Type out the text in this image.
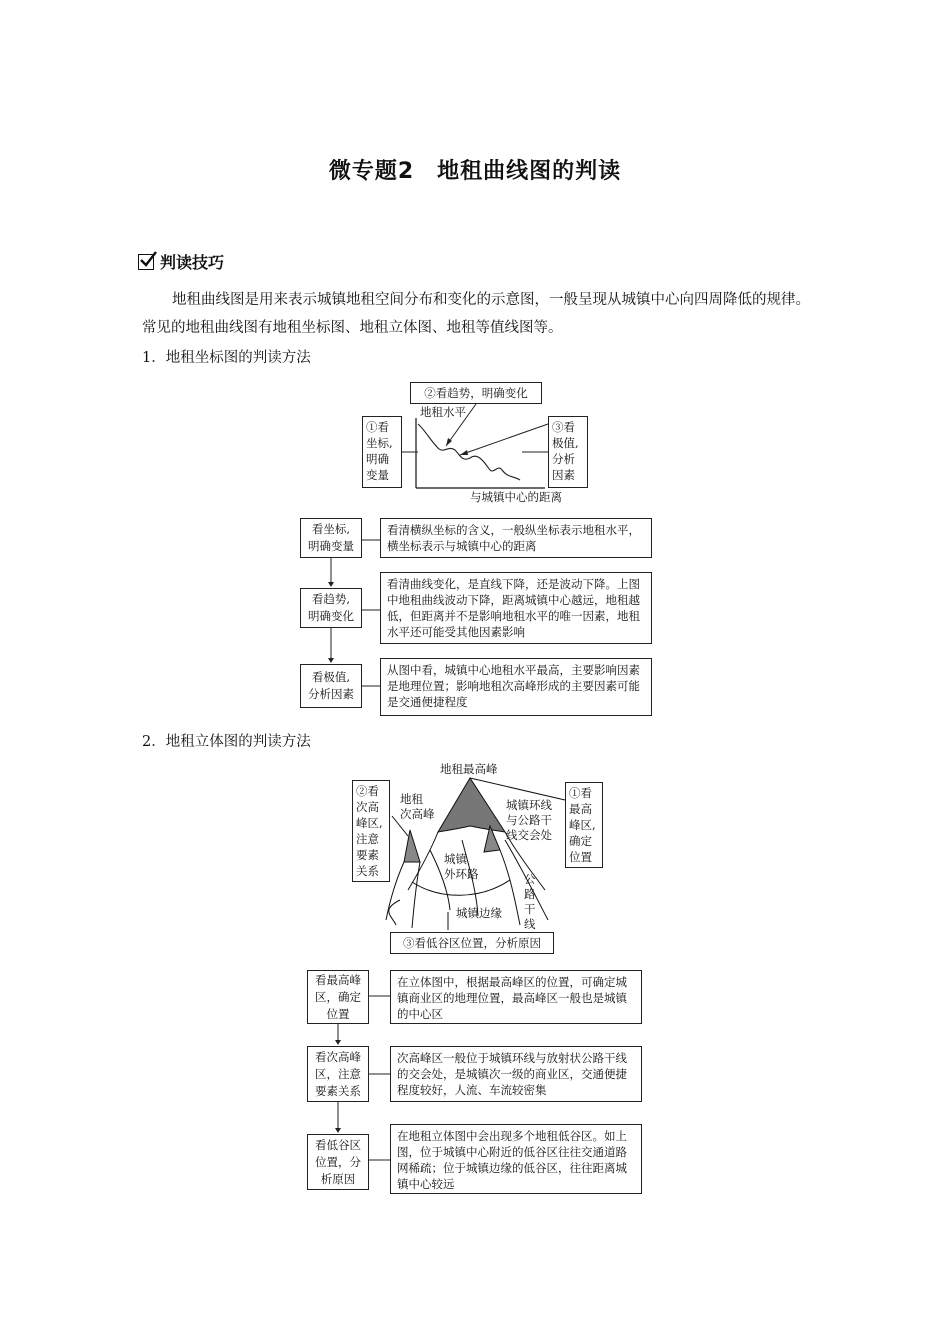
微专题2　地租曲线图的判读
判读技巧
地租曲线图是用来表示城镇地租空间分布和变化的示意图，一般呈现从城镇中心向四周降低的规律。常见的地租曲线图有地租坐标图、地租立体图、地租等值线图等。
1．地租坐标图的判读方法
②看趋势，明确变化
①看
坐标,
明确
变量
③看
极值,
分析
因素
地租水平
与城镇中心的距离
看坐标,
明确变量
看清横纵坐标的含义，一般纵坐标表示地租水平，横坐标表示与城镇中心的距离
看趋势,
明确变化
看清曲线变化，是直线下降，还是波动下降。上图中地租曲线波动下降，距离城镇中心越远，地租越低，但距离并不是影响地租水平的唯一因素，地租水平还可能受其他因素影响
看极值,
分析因素
从图中看，城镇中心地租水平最高，主要影响因素是地理位置；影响地租次高峰形成的主要因素可能是交通便捷程度
2．地租立体图的判读方法
地租最高峰
地租
次高峰
城镇环线
与公路干
线交会处
城镇
外环路	公
路
干
线
城镇边缘
②看
次高
峰区,
注意
要素
关系
①看
最高
峰区,
确定
位置
③看低谷区位置，分析原因
看最高峰
区，确定
位置
在立体图中，根据最高峰区的位置，可确定城镇商业区的地理位置，最高峰区一般也是城镇的中心区
看次高峰
区，注意
要素关系
次高峰区一般位于城镇环线与放射状公路干线的交会处，是城镇次一级的商业区，交通便捷程度较好，人流、车流较密集
看低谷区
位置，分
析原因
在地租立体图中会出现多个地租低谷区。如上图，位于城镇中心附近的低谷区往往交通道路网稀疏；位于城镇边缘的低谷区，往往距离城镇中心较远
